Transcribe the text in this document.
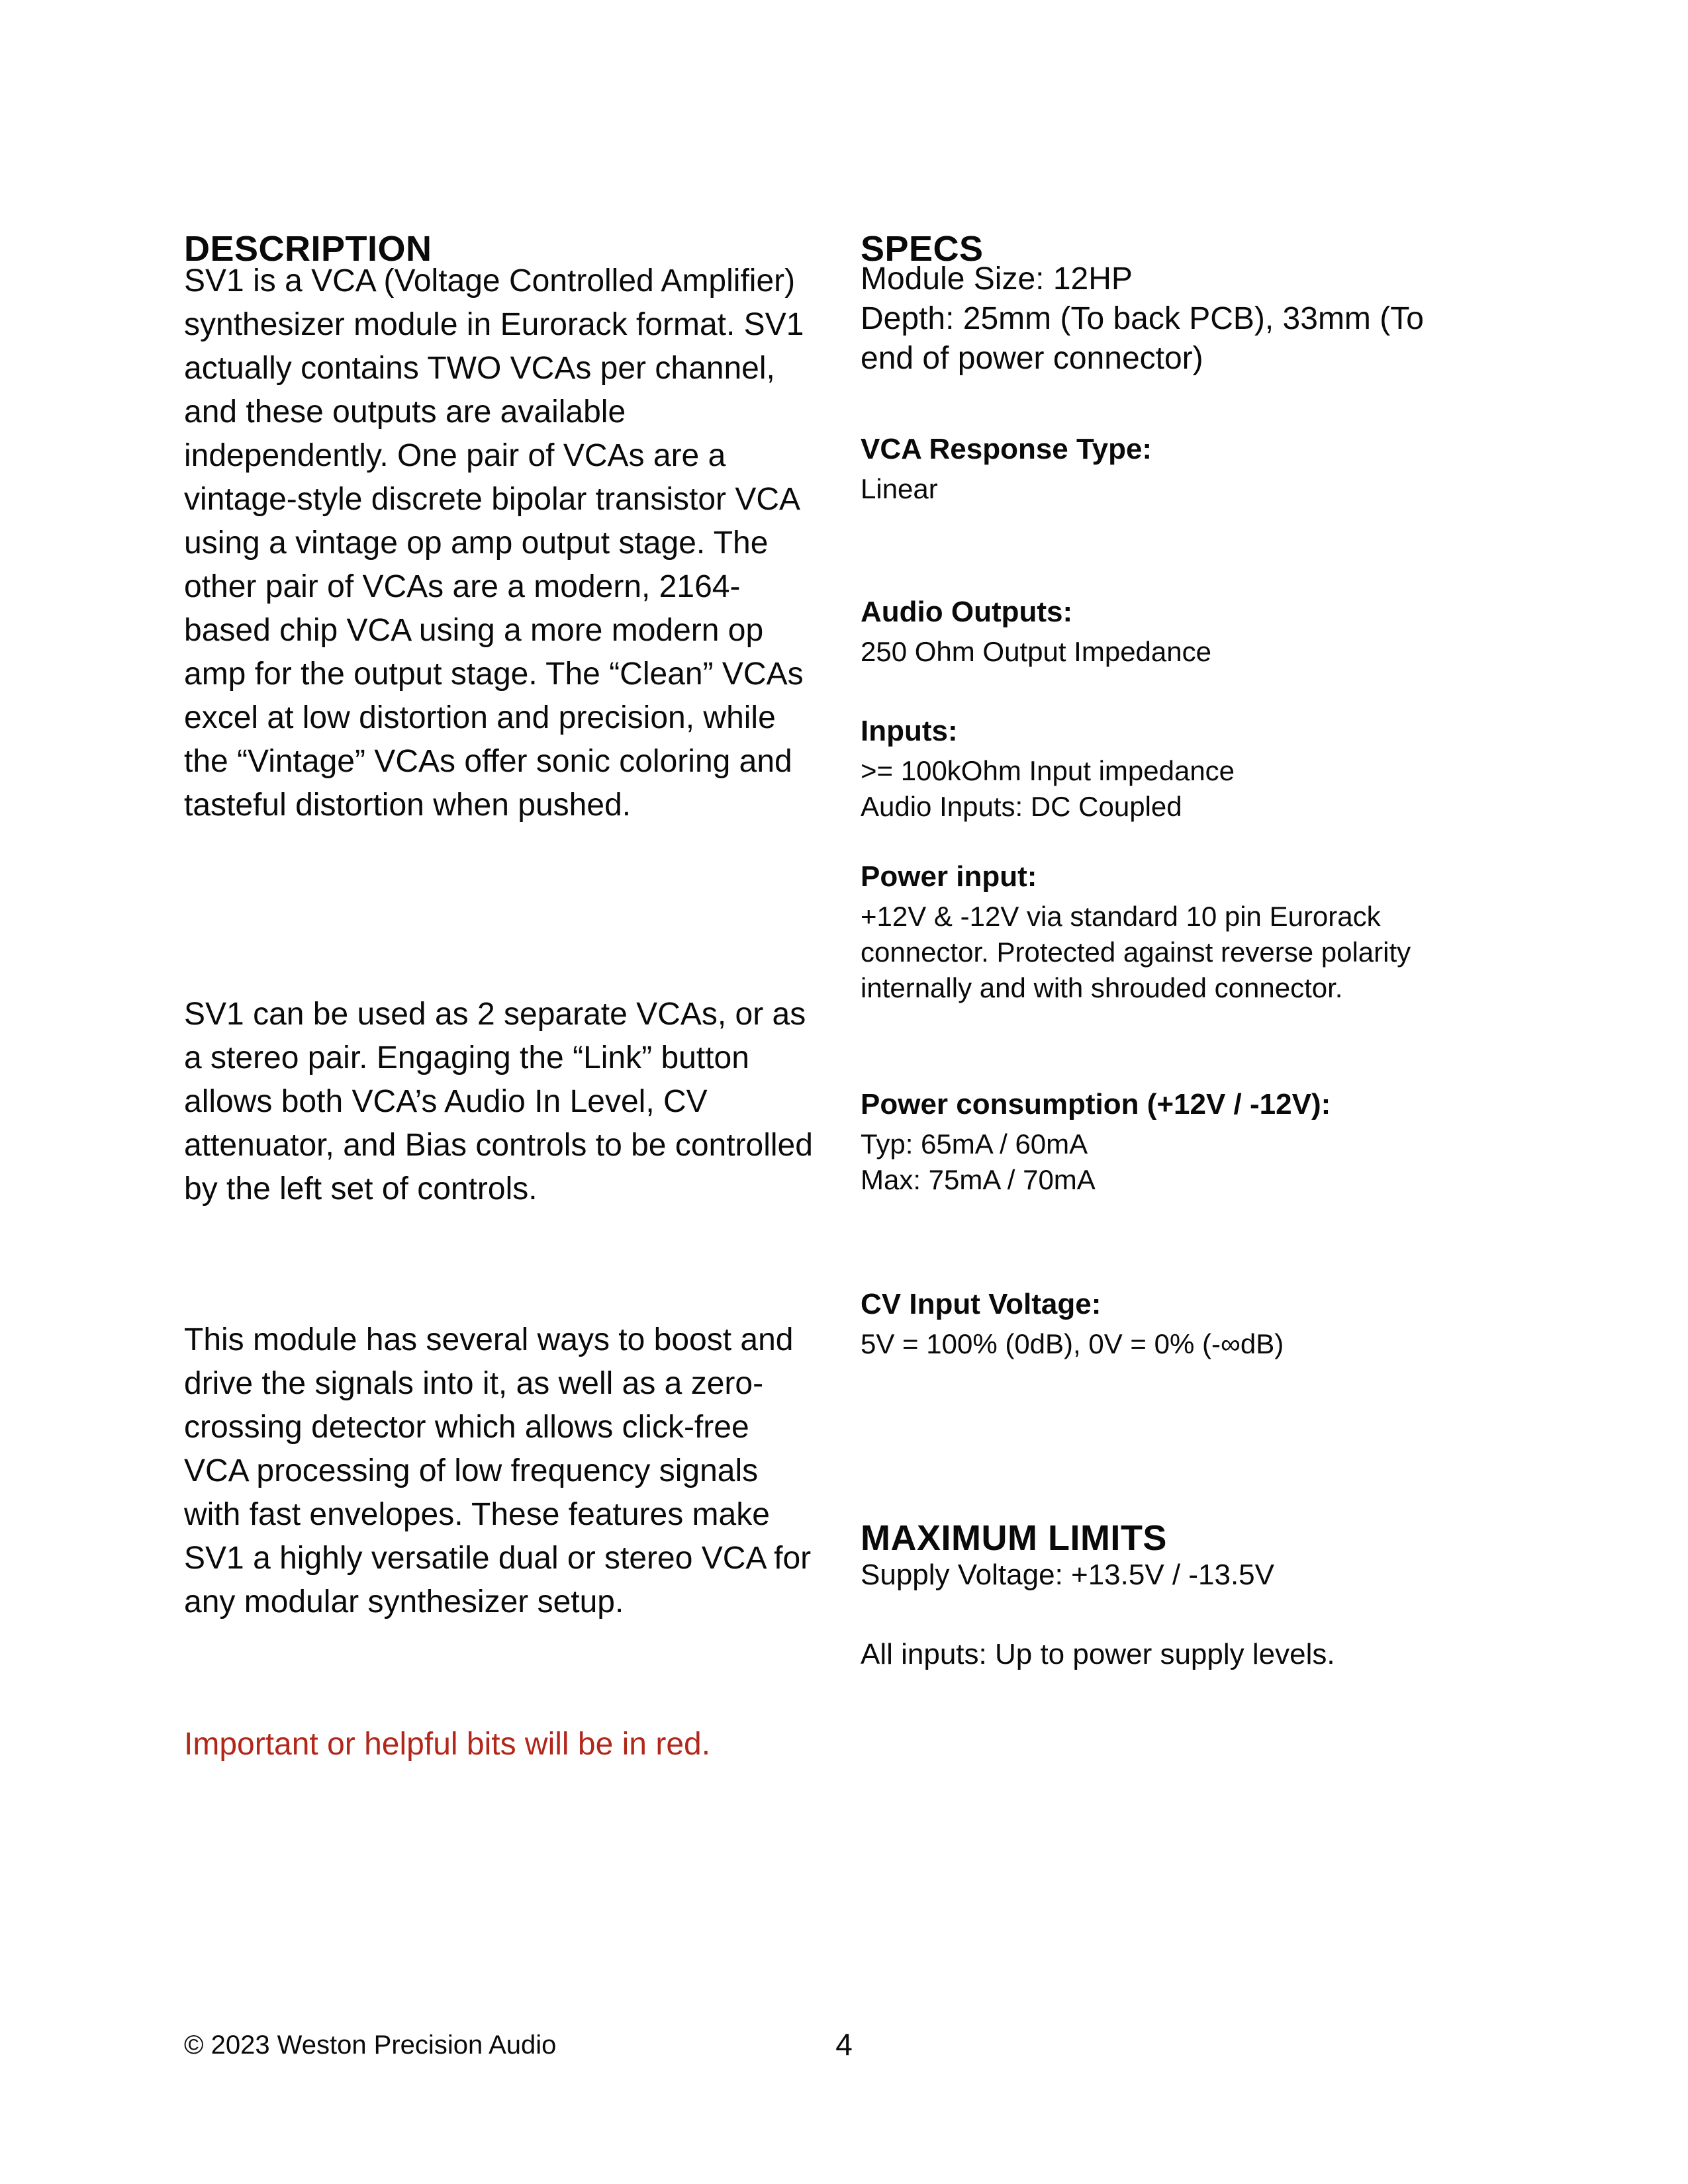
DESCRIPTION

SV1 is a VCA (Voltage Controlled Amplifier) synthesizer module in Eurorack format. SV1 actually contains TWO VCAs per channel, and these outputs are available independently. One pair of VCAs are a vintage-style discrete bipolar transistor VCA using a vintage op amp output stage. The other pair of VCAs are a modern, 2164-based chip VCA using a more modern op amp for the output stage. The “Clean” VCAs excel at low distortion and precision, while the “Vintage” VCAs offer sonic coloring and tasteful distortion when pushed.

SV1 can be used as 2 separate VCAs, or as a stereo pair. Engaging the “Link” button allows both VCA’s Audio In Level, CV attenuator, and Bias controls to be controlled by the left set of controls.

This module has several ways to boost and drive the signals into it, as well as a zero-crossing detector which allows click-free VCA processing of low frequency signals with fast envelopes. These features make SV1 a highly versatile dual or stereo VCA for any modular synthesizer setup.

Important or helpful bits will be in red.

SPECS

Module Size: 12HP

Depth: 25mm (To back PCB), 33mm (To end of power connector)

VCA Response Type:

Linear

Audio Outputs:

250 Ohm Output Impedance

Inputs:

>= 100kOhm Input impedance

Audio Inputs: DC Coupled

Power input:

+12V & -12V via standard 10 pin Eurorack connector. Protected against reverse polarity internally and with shrouded connector.

Power consumption (+12V / -12V):

Typ: 65mA / 60mA

Max: 75mA / 70mA

CV Input Voltage:

5V = 100% (0dB), 0V = 0% (-∞dB)

MAXIMUM LIMITS

Supply Voltage: +13.5V / -13.5V

All inputs: Up to power supply levels.

4
© 2023 Weston Precision Audio
